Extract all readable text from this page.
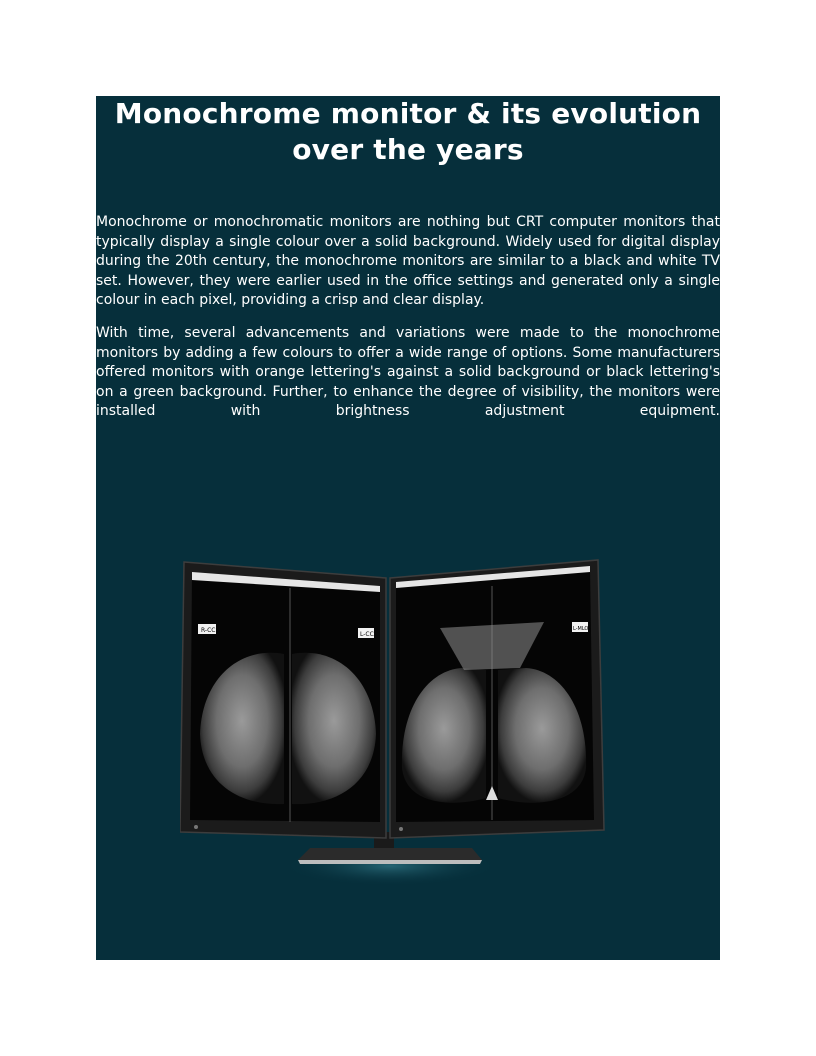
Monochrome monitor & its evolution over the years

Monochrome or monochromatic monitors are nothing but CRT computer monitors that typically display a single colour over a solid background. Widely used for digital display during the 20th century, the monochrome monitors are similar to a black and white TV set. However, they were earlier used in the office settings and generated only a single colour in each pixel, providing a crisp and clear display.

With time, several advancements and variations were made to the monochrome monitors by adding a few colours to offer a wide range of options. Some manufacturers offered monitors with orange lettering's against a solid background or black lettering's on a green background. Further, to enhance the degree of visibility, the monitors were installed with brightness adjustment equipment.

R-CC
L-CC
L-MLO
